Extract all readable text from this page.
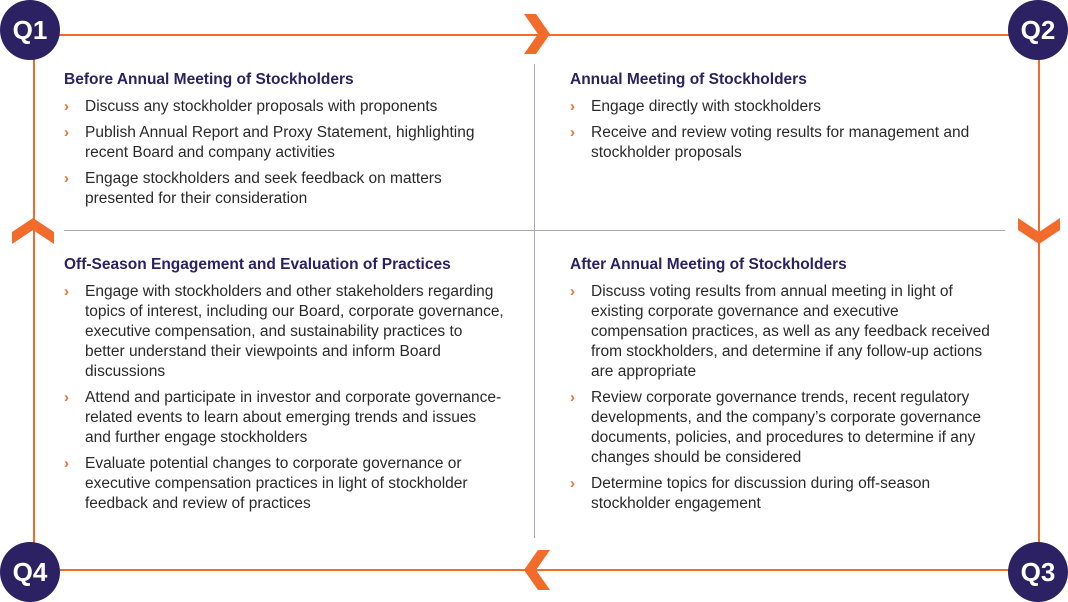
Q1	Q2
Q3
Q4
Before Annual Meeting of Stockholders
› Discuss any stockholder proposals with proponents
› Publish Annual Report and Proxy Statement, highlighting recent Board and company activities
› Engage stockholders and seek feedback on matters presented for their consideration
Annual Meeting of Stockholders
› Engage directly with stockholders
› Receive and review voting results for management and stockholder proposals
Off-Season Engagement and Evaluation of Practices
› Engage with stockholders and other stakeholders regarding topics of interest, including our Board, corporate governance, executive compensation, and sustainability practices to better understand their viewpoints and inform Board discussions
› Attend and participate in investor and corporate governance-related events to learn about emerging trends and issues and further engage stockholders
› Evaluate potential changes to corporate governance or executive compensation practices in light of stockholder feedback and review of practices
After Annual Meeting of Stockholders
› Discuss voting results from annual meeting in light of existing corporate governance and executive compensation practices, as well as any feedback received from stockholders, and determine if any follow-up actions are appropriate
› Review corporate governance trends, recent regulatory developments, and the company’s corporate governance documents, policies, and procedures to determine if any changes should be considered
› Determine topics for discussion during off-season stockholder engagement
